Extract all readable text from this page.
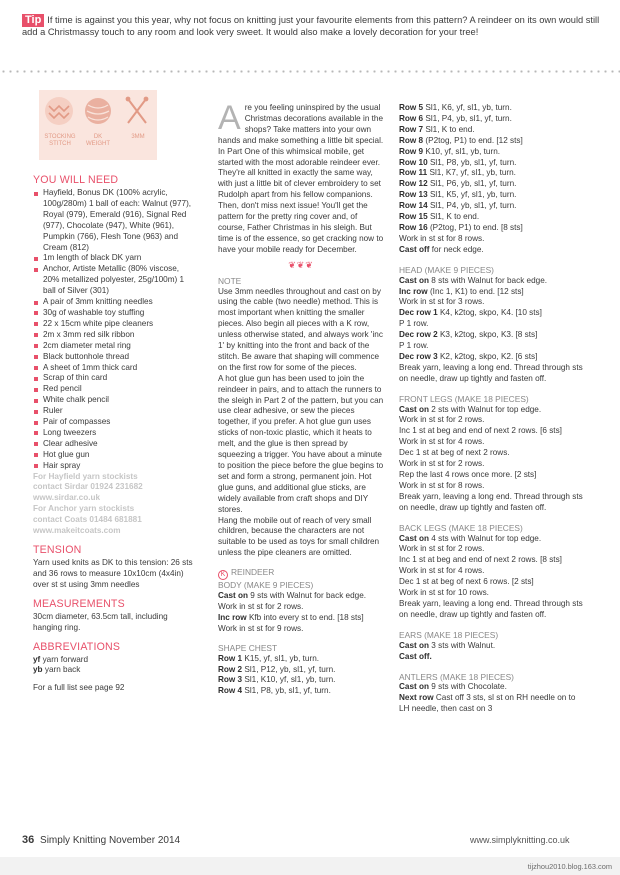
Tip If time is against you this year, why not focus on knitting just your favourite elements from this pattern? A reindeer on its own would still add a Christmassy touch to any room and look very sweet. It would also make a lovely decoration for your tree!
STOCKING STITCH
DK WEIGHT
3MM
YOU WILL NEED
Hayfield, Bonus DK (100% acrylic, 100g/280m) 1 ball of each: Walnut (977), Royal (979), Emerald (916), Signal Red (977), Chocolate (947), White (961), Pumpkin (766), Flesh Tone (963) and Cream (812)
1m length of black DK yarn
Anchor, Artiste Metallic (80% viscose, 20% metallized polyester, 25g/100m) 1 ball of Silver (301)
A pair of 3mm knitting needles
30g of washable toy stuffing
22 x 15cm white pipe cleaners
2m x 3mm red silk ribbon
2cm diameter metal ring
Black buttonhole thread
A sheet of 1mm thick card
Scrap of thin card
Red pencil
White chalk pencil
Ruler
Pair of compasses
Long tweezers
Clear adhesive
Hot glue gun
Hair spray
For Hayfield yarn stockists
contact Sirdar 01924 231682
www.sirdar.co.uk
For Anchor yarn stockists
contact Coats 01484 681881
www.makeitcoats.com
TENSION
Yarn used knits as DK to this tension: 26 sts and 36 rows to measure 10x10cm (4x4in) over st st using 3mm needles
MEASUREMENTS
30cm diameter, 63.5cm tall, including hanging ring.
ABBREVIATIONS
yf yarn forward
yb yarn back
For a full list see page 92
A re you feeling uninspired by the usual Christmas decorations available in the shops? Take matters into your own hands and make something a little bit special. In Part One of this whimsical mobile, get started with the most adorable reindeer ever. They're all knitted in exactly the same way, with just a little bit of clever embroidery to set Rudolph apart from his fellow companions. Then, don't miss next issue! You'll get the pattern for the pretty ring cover and, of course, Father Christmas in his sleigh. But time is of the essence, so get cracking now to have your mobile ready for December.

❦❦❦
NOTE

Use 3mm needles throughout and cast on by using the cable (two needle) method. This is most important when knitting the smaller pieces. Also begin all pieces with a K row, unless otherwise stated, and always work 'inc 1' by knitting into the front and back of the stitch. Be aware that shaping will commence on the first row for some of the pieces.

A hot glue gun has been used to join the reindeer in pairs, and to attach the runners to the sleigh in Part 2 of the pattern, but you can use clear adhesive, or sew the pieces together, if you prefer. A hot glue gun uses sticks of non-toxic plastic, which it heats to melt, and the glue is then spread by squeezing a trigger. You have about a minute to position the piece before the glue begins to set and form a strong, permanent join. Hot glue guns, and additional glue sticks, are widely available from craft shops and DIY stores.

Hang the mobile out of reach of very small children, because the characters are not suitable to be used as toys for small children unless the pipe cleaners are omitted.

K REINDEER
BODY (MAKE 9 PIECES)
Cast on 9 sts with Walnut for back edge.
Work in st st for 2 rows.
Inc row Kfb into every st to end. [18 sts]
Work in st st for 9 rows.
SHAPE CHEST
Row 1 K15, yf, sl1, yb, turn.
Row 2 Sl1, P12, yb, sl1, yf, turn.
Row 3 Sl1, K10, yf, sl1, yb, turn.
Row 4 Sl1, P8, yb, sl1, yf, turn.
Row 5 Sl1, K6, yf, sl1, yb, turn.
Row 6 Sl1, P4, yb, sl1, yf, turn.
Row 7 Sl1, K to end.
Row 8 (P2tog, P1) to end. [12 sts]
Row 9 K10, yf, sl1, yb, turn.
Row 10 Sl1, P8, yb, sl1, yf, turn.
Row 11 Sl1, K7, yf, sl1, yb, turn.
Row 12 Sl1, P6, yb, sl1, yf, turn.
Row 13 Sl1, K5, yf, sl1, yb, turn.
Row 14 Sl1, P4, yb, sl1, yf, turn.
Row 15 Sl1, K to end.
Row 16 (P2tog, P1) to end. [8 sts]
Work in st st for 8 rows.
Cast off for neck edge.
HEAD (MAKE 9 PIECES)
Cast on 8 sts with Walnut for back edge.
Inc row (Inc 1, K1) to end. [12 sts]
Work in st st for 3 rows.
Dec row 1 K4, k2tog, skpo, K4. [10 sts]
P 1 row.
Dec row 2 K3, k2tog, skpo, K3. [8 sts]
P 1 row.
Dec row 3 K2, k2tog, skpo, K2. [6 sts]
Break yarn, leaving a long end. Thread through sts on needle, draw up tightly and fasten off.
FRONT LEGS (MAKE 18 PIECES)
Cast on 2 sts with Walnut for top edge.
Work in st st for 2 rows.
Inc 1 st at beg and end of next 2 rows. [6 sts]
Work in st st for 4 rows.
Dec 1 st at beg of next 2 rows.
Work in st st for 2 rows.
Rep the last 4 rows once more. [2 sts]
Work in st st for 8 rows.
Break yarn, leaving a long end. Thread through sts on needle, draw up tightly and fasten off.
BACK LEGS (MAKE 18 PIECES)
Cast on 4 sts with Walnut for top edge.
Work in st st for 2 rows.
Inc 1 st at beg and end of next 2 rows. [8 sts]
Work in st st for 4 rows.
Dec 1 st at beg of next 6 rows. [2 sts]
Work in st st for 10 rows.
Break yarn, leaving a long end. Thread through sts on needle, draw up tightly and fasten off.
EARS (MAKE 18 PIECES)
Cast on 3 sts with Walnut.
Cast off.
ANTLERS (MAKE 18 PIECES)
Cast on 9 sts with Chocolate.
Next row Cast off 3 sts, sl st on RH needle on to LH needle, then cast on 3
36 Simply Knitting November 2014	www.simplyknitting.co.uk
tijzhou2010.blog.163.com
